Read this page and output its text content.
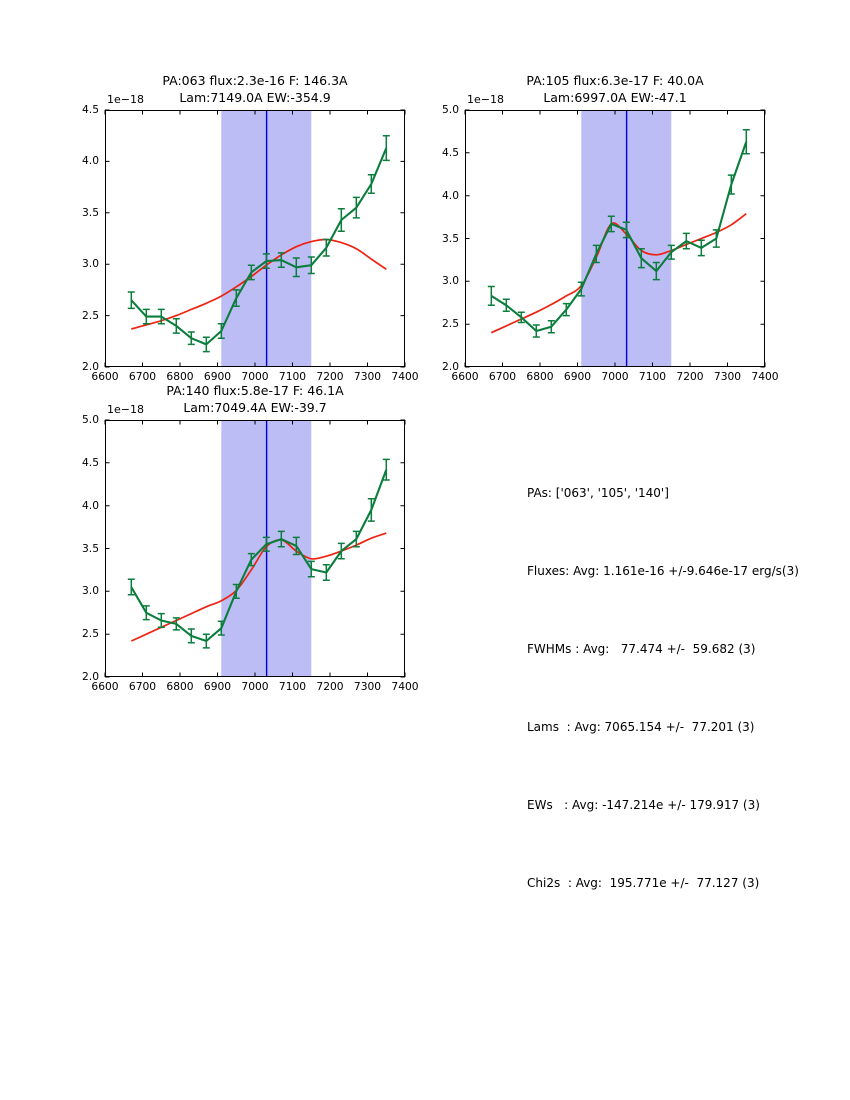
PA:063 flux:2.3e-16 F: 146.3A
Lam:7149.0A EW:-354.9
1e−18
6600 6700 6800 6900 7000 7100 7200 7300 7400
2.0
2.5
3.0
3.5
4.0
4.5
PA:105 flux:6.3e-17 F: 40.0A
Lam:6997.0A EW:-47.1
1e−18
6600 6700 6800 6900 7000 7100 7200 7300 7400
2.0
2.5
3.0
3.5
4.0
4.5
5.0
PA:140 flux:5.8e-17 F: 46.1A
Lam:7049.4A EW:-39.7
1e−18
6600 6700 6800 6900 7000 7100 7200 7300 7400
2.0
2.5
3.0
3.5
4.0
4.5
5.0

PAs: ['063', '105', '140']

Fluxes: Avg: 1.161e-16 +/-9.646e-17 erg/s(3)

FWHMs : Avg:   77.474 +/-  59.682 (3)

Lams  : Avg: 7065.154 +/-  77.201 (3)

EWs   : Avg: -147.214e +/- 179.917 (3)

Chi2s  : Avg:  195.771e +/-  77.127 (3)
